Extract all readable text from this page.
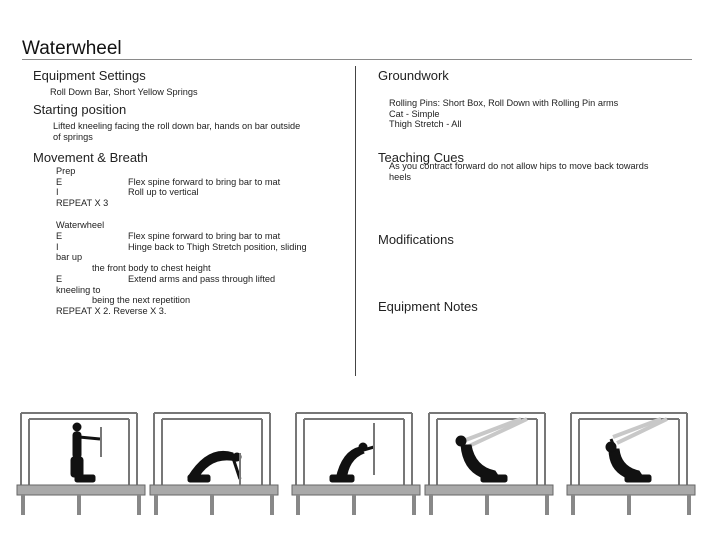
Waterwheel
Equipment Settings
Roll Down Bar, Short Yellow Springs
Starting position
Lifted kneeling facing the roll down bar, hands on bar outside
of springs
Movement & Breath
Prep
E	Flex spine forward to bring bar to mat
I	Roll up to vertical
REPEAT X 3
Waterwheel
E	Flex spine forward to bring bar to mat
I	Hinge back to Thigh Stretch position, sliding
bar up
the front body to chest height
E	Extend arms and pass through lifted
kneeling to
being the next repetition
REPEAT X 2. Reverse X 3.
Groundwork
Rolling Pins: Short Box, Roll Down with Rolling Pin arms
Cat - Simple
Thigh Stretch - All
Teaching Cues
As you contract forward do not allow hips to move back towards
heels
Modifications
Equipment Notes
